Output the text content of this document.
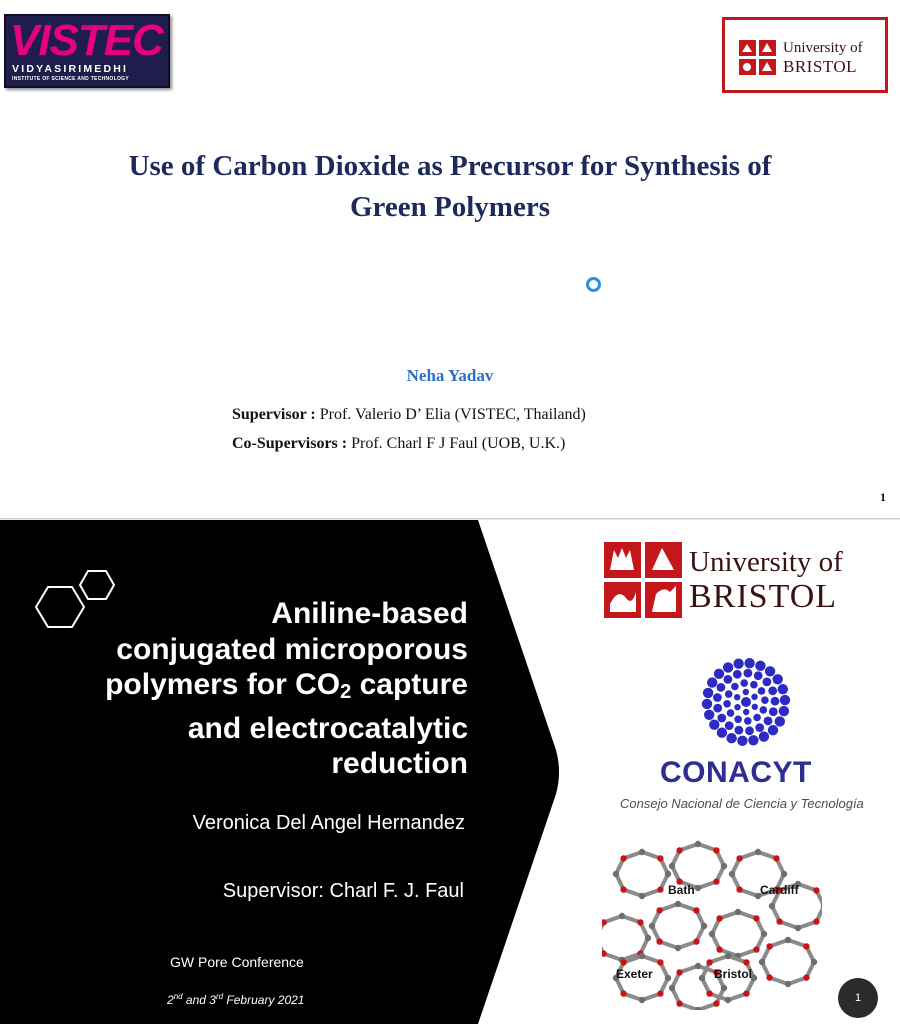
VISTEC
VIDYASIRIMEDHI
INSTITUTE OF SCIENCE AND TECHNOLOGY
University of
BRISTOL
Use of Carbon Dioxide as Precursor for Synthesis of
Green Polymers
Neha Yadav
Supervisor : Prof. Valerio D’ Elia (VISTEC, Thailand)
Co-Supervisors : Prof. Charl F J Faul (UOB, U.K.)
1
Aniline-based
conjugated microporous
polymers for $CO_2$ capture
and electrocatalytic
reduction
Veronica Del Angel Hernandez
Supervisor: Charl F. J. Faul
GW Pore Conference
2nd and 3rd February 2021
University of
BRISTOL
CONACYT
Consejo Nacional de Ciencia y Tecnología
Bath	Cardiff
Exeter	Bristol
1
